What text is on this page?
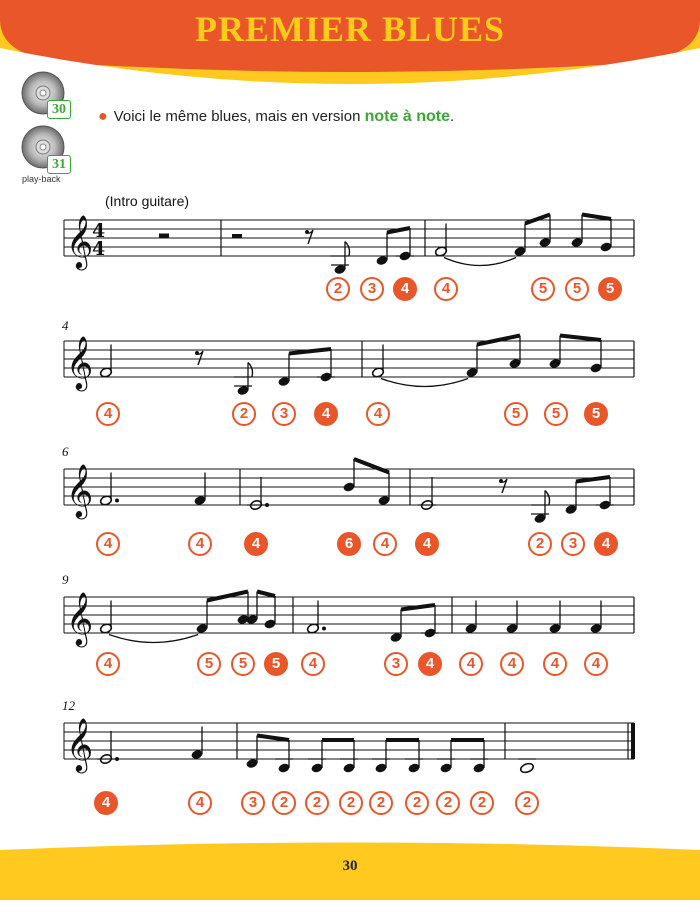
PREMIER BLUES
30
31
play-back
● Voici le même blues, mais en version note à note.
(Intro guitare)
4
6
9
12
𝄞
4
4
𝄞
𝄞
𝄞
𝄞
2	3	4	4	5	5	5
4	2	3	4	4	5	5	5
4	4	4	6	4	4	2	3	4
4	5	5	5	4	3	4	4	4	4	4
4	4	3	2	2	2	2	2	2	2	2
30
